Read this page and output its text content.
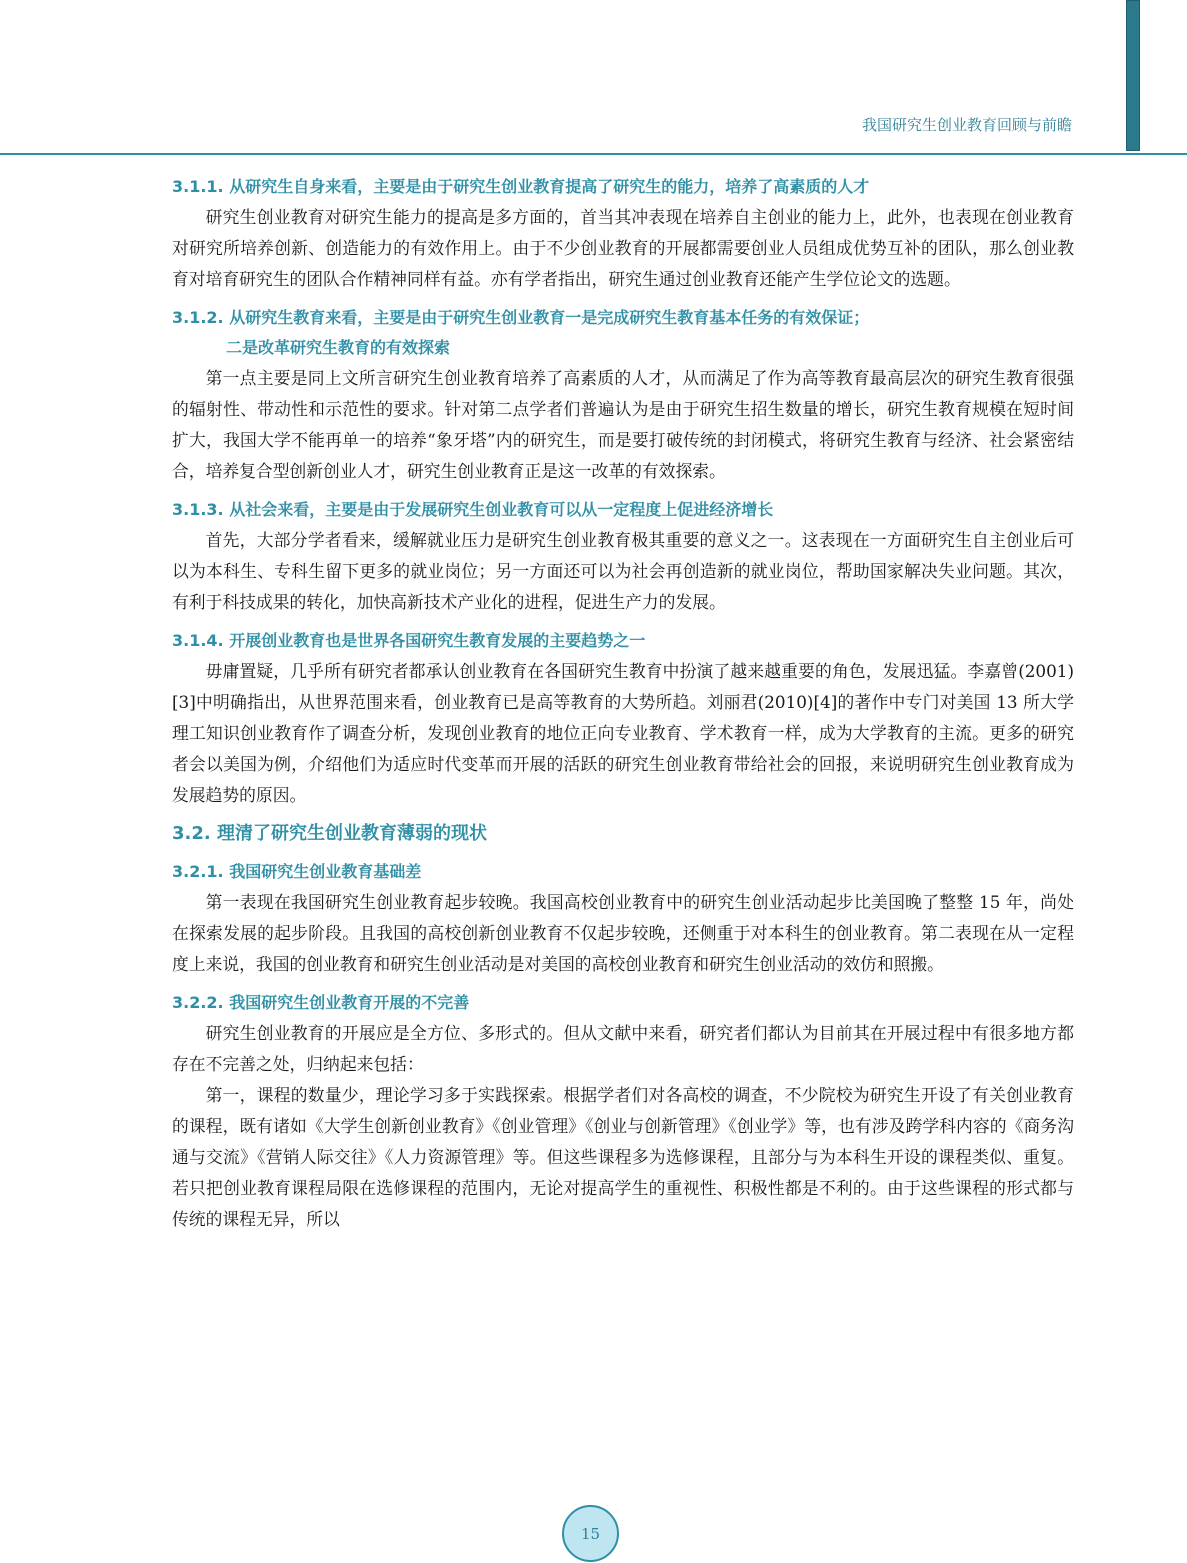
我国研究生创业教育回顾与前瞻
3.1.1. 从研究生自身来看，主要是由于研究生创业教育提高了研究生的能力，培养了高素质的人才

研究生创业教育对研究生能力的提高是多方面的，首当其冲表现在培养自主创业的能力上，此外，也表现在创业教育对研究所培养创新、创造能力的有效作用上。由于不少创业教育的开展都需要创业人员组成优势互补的团队，那么创业教育对培育研究生的团队合作精神同样有益。亦有学者指出，研究生通过创业教育还能产生学位论文的选题。

3.1.2. 从研究生教育来看，主要是由于研究生创业教育一是完成研究生教育基本任务的有效保证；
二是改革研究生教育的有效探索

第一点主要是同上文所言研究生创业教育培养了高素质的人才，从而满足了作为高等教育最高层次的研究生教育很强的辐射性、带动性和示范性的要求。针对第二点学者们普遍认为是由于研究生招生数量的增长，研究生教育规模在短时间扩大，我国大学不能再单一的培养“象牙塔”内的研究生，而是要打破传统的封闭模式，将研究生教育与经济、社会紧密结合，培养复合型创新创业人才，研究生创业教育正是这一改革的有效探索。

3.1.3. 从社会来看，主要是由于发展研究生创业教育可以从一定程度上促进经济增长

首先，大部分学者看来，缓解就业压力是研究生创业教育极其重要的意义之一。这表现在一方面研究生自主创业后可以为本科生、专科生留下更多的就业岗位；另一方面还可以为社会再创造新的就业岗位，帮助国家解决失业问题。其次，有利于科技成果的转化，加快高新技术产业化的进程，促进生产力的发展。

3.1.4. 开展创业教育也是世界各国研究生教育发展的主要趋势之一

毋庸置疑，几乎所有研究者都承认创业教育在各国研究生教育中扮演了越来越重要的角色，发展迅猛。李嘉曾(2001)[3]中明确指出，从世界范围来看，创业教育已是高等教育的大势所趋。刘丽君(2010)[4]的著作中专门对美国 13 所大学理工知识创业教育作了调查分析，发现创业教育的地位正向专业教育、学术教育一样，成为大学教育的主流。更多的研究者会以美国为例，介绍他们为适应时代变革而开展的活跃的研究生创业教育带给社会的回报，来说明研究生创业教育成为发展趋势的原因。

3.2. 理清了研究生创业教育薄弱的现状
3.2.1. 我国研究生创业教育基础差

第一表现在我国研究生创业教育起步较晚。我国高校创业教育中的研究生创业活动起步比美国晚了整整 15 年，尚处在探索发展的起步阶段。且我国的高校创新创业教育不仅起步较晚，还侧重于对本科生的创业教育。第二表现在从一定程度上来说，我国的创业教育和研究生创业活动是对美国的高校创业教育和研究生创业活动的效仿和照搬。

3.2.2. 我国研究生创业教育开展的不完善

研究生创业教育的开展应是全方位、多形式的。但从文献中来看，研究者们都认为目前其在开展过程中有很多地方都存在不完善之处，归纳起来包括：

第一，课程的数量少，理论学习多于实践探索。根据学者们对各高校的调查，不少院校为研究生开设了有关创业教育的课程，既有诸如《大学生创新创业教育》《创业管理》《创业与创新管理》《创业学》等，也有涉及跨学科内容的《商务沟通与交流》《营销人际交往》《人力资源管理》等。但这些课程多为选修课程，且部分与为本科生开设的课程类似、重复。若只把创业教育课程局限在选修课程的范围内，无论对提高学生的重视性、积极性都是不利的。由于这些课程的形式都与传统的课程无异，所以

15
